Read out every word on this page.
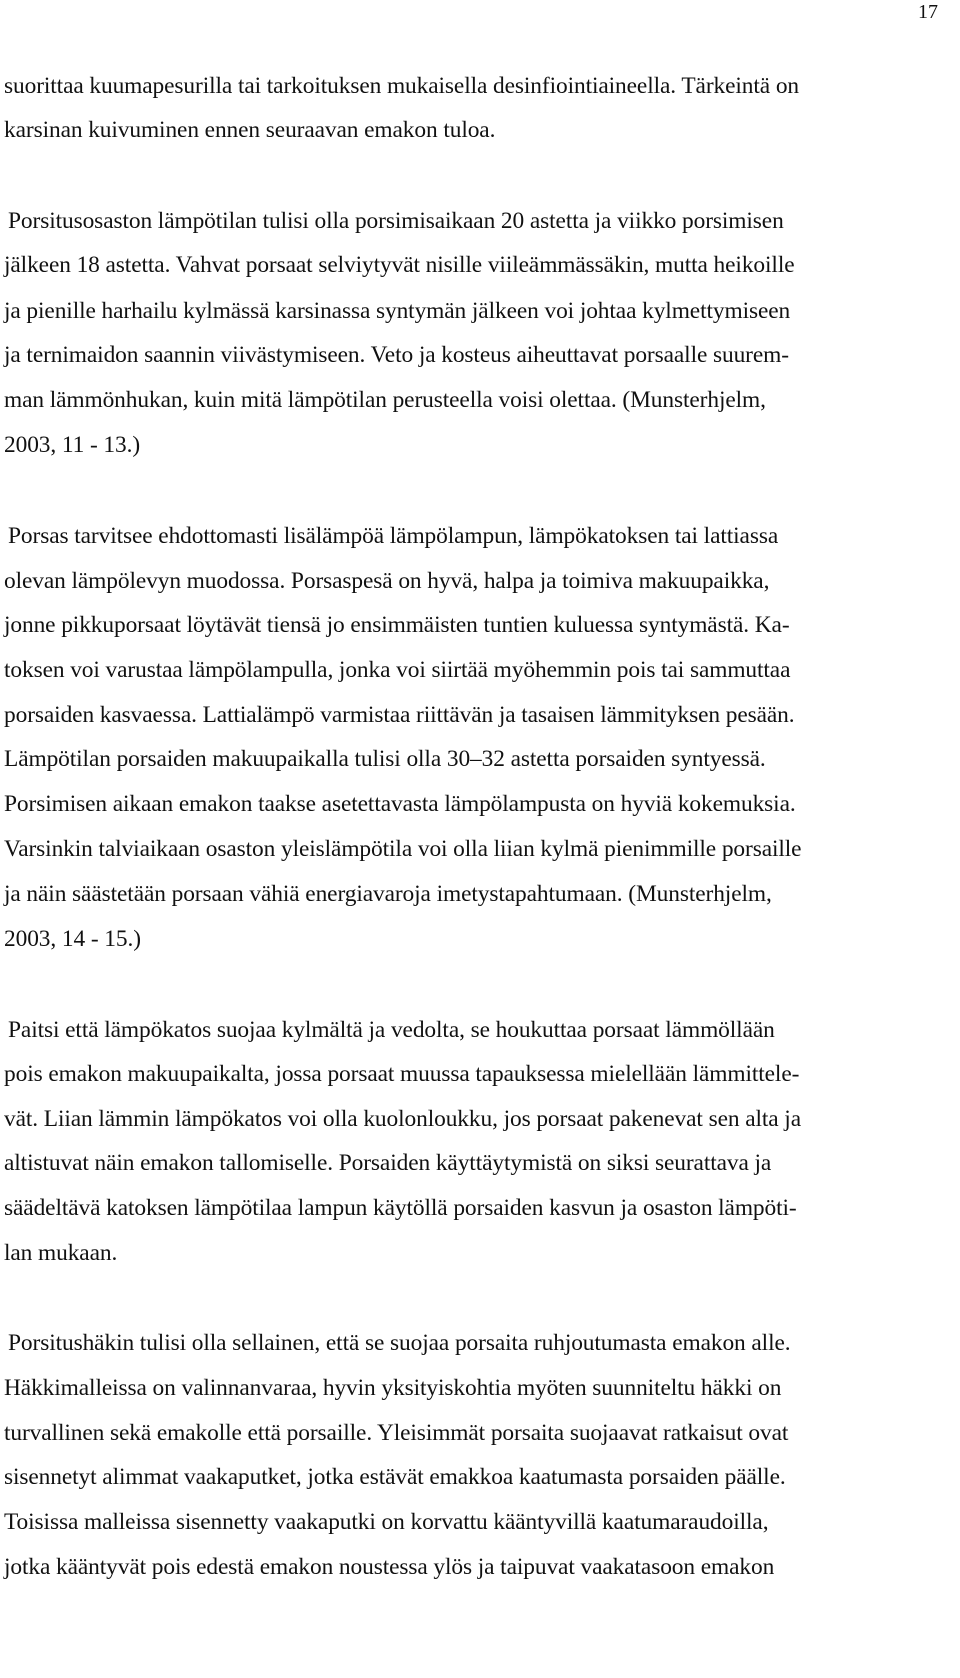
17
suorittaa kuumapesurilla tai tarkoituksen mukaisella desinfiointiaineella. Tärkeintä on
karsinan kuivuminen ennen seuraavan emakon tuloa.
Porsitusosaston lämpötilan tulisi olla porsimisaikaan 20 astetta ja viikko porsimisen
jälkeen 18 astetta. Vahvat porsaat selviytyvät nisille viileämmässäkin, mutta heikoille
ja pienille harhailu kylmässä karsinassa syntymän jälkeen voi johtaa kylmettymiseen
ja ternimaidon saannin viivästymiseen. Veto ja kosteus aiheuttavat porsaalle suurem-
man lämmönhukan, kuin mitä lämpötilan perusteella voisi olettaa. (Munsterhjelm,
2003, 11 - 13.)
Porsas tarvitsee ehdottomasti lisälämpöä lämpölampun, lämpökatoksen tai lattiassa
olevan lämpölevyn muodossa. Porsaspesä on hyvä, halpa ja toimiva makuupaikka,
jonne pikkuporsaat löytävät tiensä jo ensimmäisten tuntien kuluessa syntymästä. Ka-
toksen voi varustaa lämpölampulla, jonka voi siirtää myöhemmin pois tai sammuttaa
porsaiden kasvaessa. Lattialämpö varmistaa riittävän ja tasaisen lämmityksen pesään.
Lämpötilan porsaiden makuupaikalla tulisi olla 30–32 astetta porsaiden syntyessä.
Porsimisen aikaan emakon taakse asetettavasta lämpölampusta on hyviä kokemuksia.
Varsinkin talviaikaan osaston yleislämpötila voi olla liian kylmä pienimmille porsaille
ja näin säästetään porsaan vähiä energiavaroja imetystapahtumaan. (Munsterhjelm,
2003, 14 - 15.)
Paitsi että lämpökatos suojaa kylmältä ja vedolta, se houkuttaa porsaat lämmöllään
pois emakon makuupaikalta, jossa porsaat muussa tapauksessa mielellään lämmittele-
vät. Liian lämmin lämpökatos voi olla kuolonloukku, jos porsaat pakenevat sen alta ja
altistuvat näin emakon tallomiselle. Porsaiden käyttäytymistä on siksi seurattava ja
säädeltävä katoksen lämpötilaa lampun käytöllä porsaiden kasvun ja osaston lämpöti-
lan mukaan.
Porsitushäkin tulisi olla sellainen, että se suojaa porsaita ruhjoutumasta emakon alle.
Häkkimalleissa on valinnanvaraa, hyvin yksityiskohtia myöten suunniteltu häkki on
turvallinen sekä emakolle että porsaille. Yleisimmät porsaita suojaavat ratkaisut ovat
sisennetyt alimmat vaakaputket, jotka estävät emakkoa kaatumasta porsaiden päälle.
Toisissa malleissa sisennetty vaakaputki on korvattu kääntyvillä kaatumaraudoilla,
jotka kääntyvät pois edestä emakon noustessa ylös ja taipuvat vaakatasoon emakon
